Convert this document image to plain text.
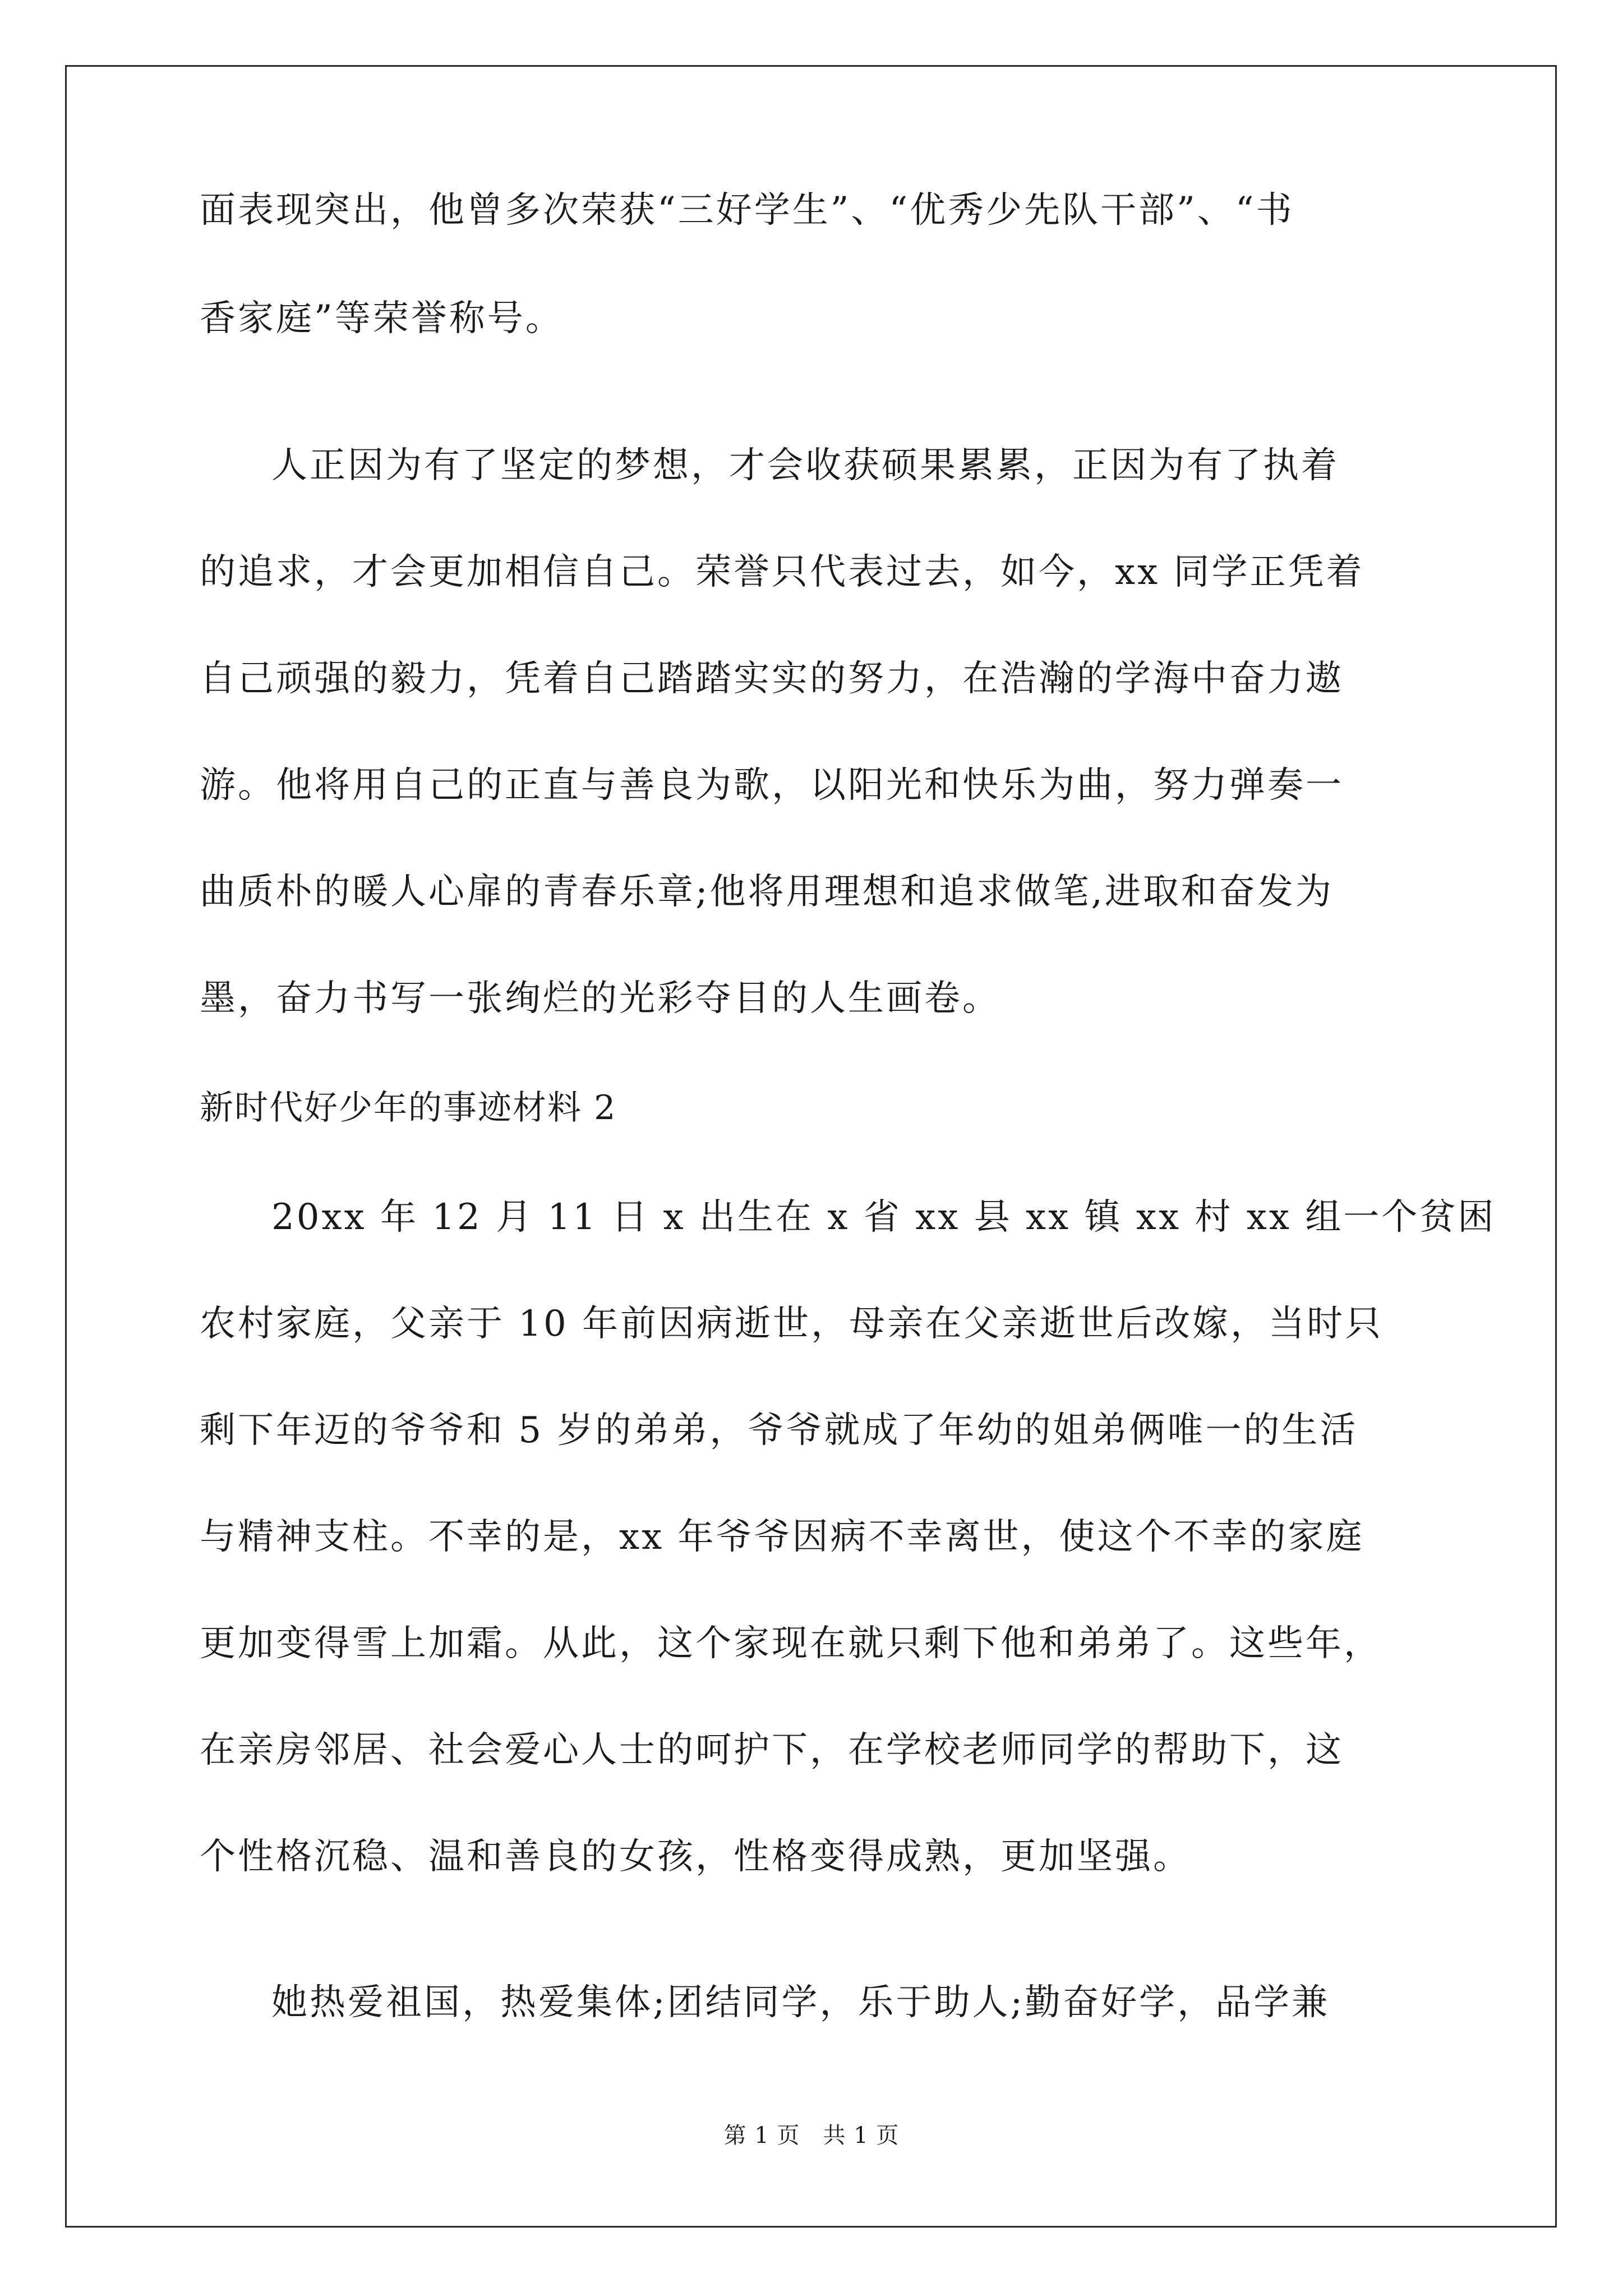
面表现突出，他曾多次荣获“三好学生”、“优秀少先队干部”、“书
香家庭”等荣誉称号。
人正因为有了坚定的梦想，才会收获硕果累累，正因为有了执着
的追求，才会更加相信自己。荣誉只代表过去，如今，xx 同学正凭着
自己顽强的毅力，凭着自己踏踏实实的努力，在浩瀚的学海中奋力遨
游。他将用自己的正直与善良为歌，以阳光和快乐为曲，努力弹奏一
曲质朴的暖人心扉的青春乐章;他将用理想和追求做笔,进取和奋发为
墨，奋力书写一张绚烂的光彩夺目的人生画卷。
新时代好少年的事迹材料 2
20xx 年 12 月 11 日 x 出生在 x 省 xx 县 xx 镇 xx 村 xx 组一个贫困
农村家庭，父亲于 10 年前因病逝世，母亲在父亲逝世后改嫁，当时只
剩下年迈的爷爷和 5 岁的弟弟，爷爷就成了年幼的姐弟俩唯一的生活
与精神支柱。不幸的是，xx 年爷爷因病不幸离世，使这个不幸的家庭
更加变得雪上加霜。从此，这个家现在就只剩下他和弟弟了。这些年，
在亲房邻居、社会爱心人士的呵护下，在学校老师同学的帮助下，这
个性格沉稳、温和善良的女孩，性格变得成熟，更加坚强。
她热爱祖国，热爱集体;团结同学，乐于助人;勤奋好学，品学兼
第 1 页　共 1 页
